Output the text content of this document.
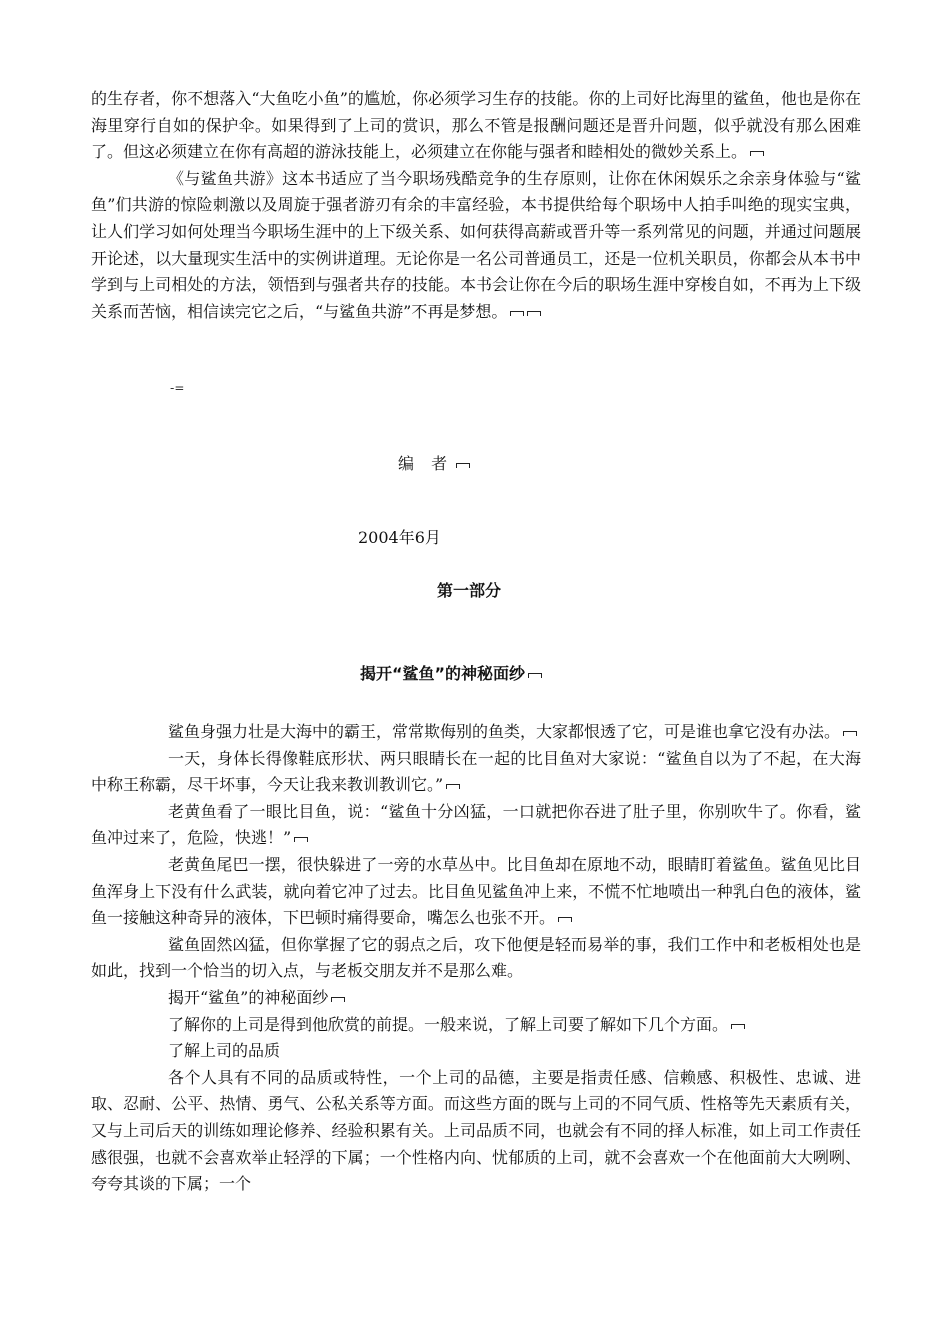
的生存者，你不想落入“大鱼吃小鱼”的尴尬，你必须学习生存的技能。你的上司好比海里的鲨鱼，他也是你在海里穿行自如的保护伞。如果得到了上司的赏识，那么不管是报酬问题还是晋升问题，似乎就没有那么困难了。但这必须建立在你有高超的游泳技能上，必须建立在你能与强者和睦相处的微妙关系上。

《与鲨鱼共游》这本书适应了当今职场残酷竞争的生存原则，让你在休闲娱乐之余亲身体验与“鲨鱼”们共游的惊险刺激以及周旋于强者游刃有余的丰富经验，本书提供给每个职场中人拍手叫绝的现实宝典，让人们学习如何处理当今职场生涯中的上下级关系、如何获得高薪或晋升等一系列常见的问题，并通过问题展开论述，以大量现实生活中的实例讲道理。无论你是一名公司普通员工，还是一位机关职员，你都会从本书中学到与上司相处的方法，领悟到与强者共存的技能。本书会让你在今后的职场生涯中穿梭自如，不再为上下级关系而苦恼，相信读完它之后，“与鲨鱼共游”不再是梦想。

-=
编 者
2004年6月
第一部分
揭开“鲨鱼”的神秘面纱

鲨鱼身强力壮是大海中的霸王，常常欺侮别的鱼类，大家都恨透了它，可是谁也拿它没有办法。

一天，身体长得像鞋底形状、两只眼睛长在一起的比目鱼对大家说：“鲨鱼自以为了不起，在大海中称王称霸，尽干坏事，今天让我来教训教训它。”

老黄鱼看了一眼比目鱼，说：“鲨鱼十分凶猛，一口就把你吞进了肚子里，你别吹牛了。你看，鲨鱼冲过来了，危险，快逃！”

老黄鱼尾巴一摆，很快躲进了一旁的水草丛中。比目鱼却在原地不动，眼睛盯着鲨鱼。鲨鱼见比目鱼浑身上下没有什么武装，就向着它冲了过去。比目鱼见鲨鱼冲上来，不慌不忙地喷出一种乳白色的液体，鲨鱼一接触这种奇异的液体，下巴顿时痛得要命，嘴怎么也张不开。

鲨鱼固然凶猛，但你掌握了它的弱点之后，攻下他便是轻而易举的事，我们工作中和老板相处也是如此，找到一个恰当的切入点，与老板交朋友并不是那么难。

揭开“鲨鱼”的神秘面纱

了解你的上司是得到他欣赏的前提。一般来说，了解上司要了解如下几个方面。

了解上司的品质

各个人具有不同的品质或特性，一个上司的品德，主要是指责任感、信赖感、积极性、忠诚、进取、忍耐、公平、热情、勇气、公私关系等方面。而这些方面的既与上司的不同气质、性格等先天素质有关，又与上司后天的训练如理论修养、经验积累有关。上司品质不同，也就会有不同的择人标准，如上司工作责任感很强，也就不会喜欢举止轻浮的下属；一个性格内向、忧郁质的上司，就不会喜欢一个在他面前大大咧咧、夸夸其谈的下属；一个
